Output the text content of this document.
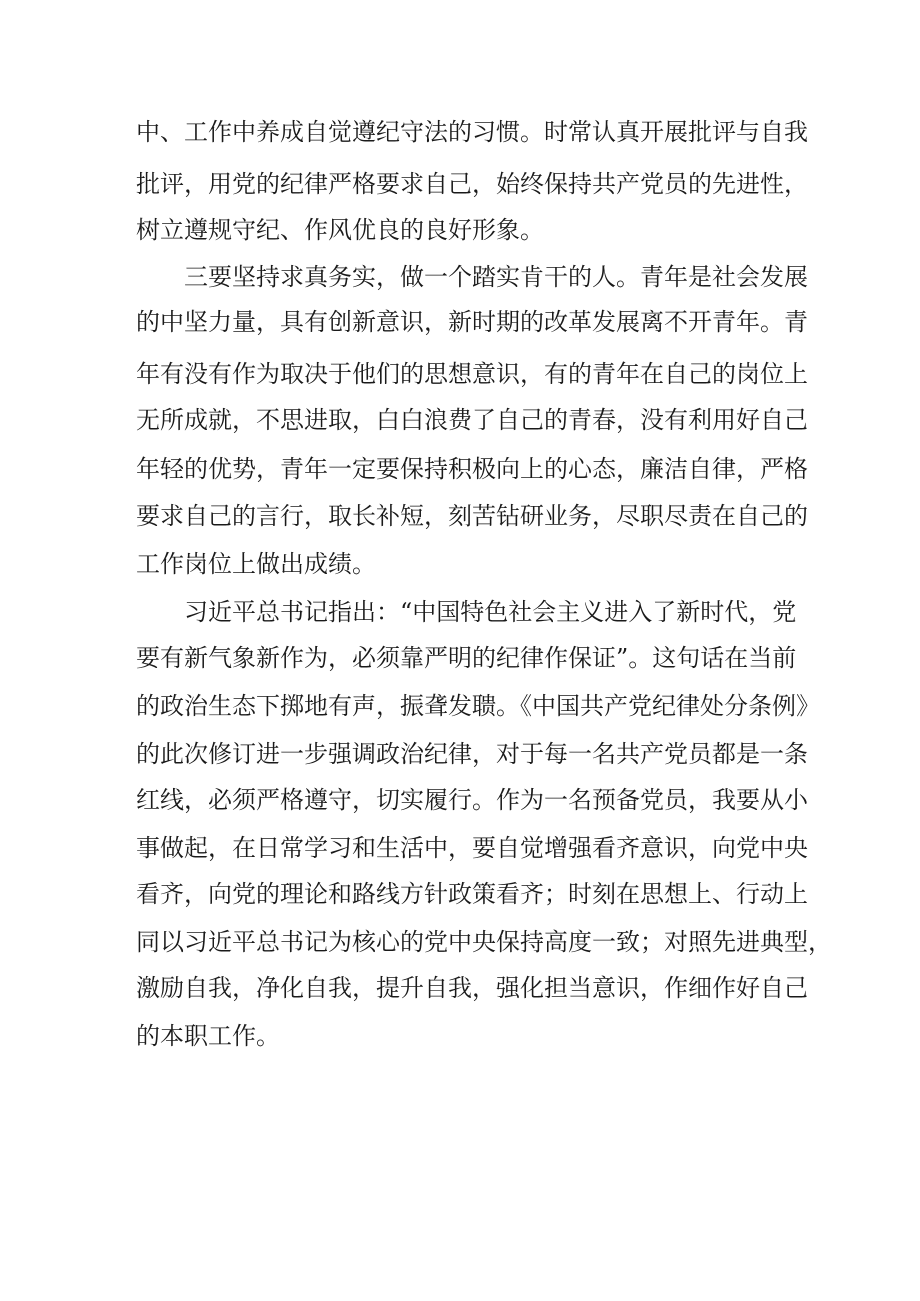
中、工作中养成自觉遵纪守法的习惯。时常认真开展批评与自我
批评，用党的纪律严格要求自己，始终保持共产党员的先进性，
树立遵规守纪、作风优良的良好形象。
三要坚持求真务实，做一个踏实肯干的人。青年是社会发展
的中坚力量，具有创新意识，新时期的改革发展离不开青年。青
年有没有作为取决于他们的思想意识，有的青年在自己的岗位上
无所成就，不思进取，白白浪费了自己的青春，没有利用好自己
年轻的优势，青年一定要保持积极向上的心态，廉洁自律，严格
要求自己的言行，取长补短，刻苦钻研业务，尽职尽责在自己的
工作岗位上做出成绩。
习近平总书记指出：“中国特色社会主义进入了新时代，党
要有新气象新作为，必须靠严明的纪律作保证”。这句话在当前
的政治生态下掷地有声，振聋发聩。《中国共产党纪律处分条例》
的此次修订进一步强调政治纪律，对于每一名共产党员都是一条
红线，必须严格遵守，切实履行。作为一名预备党员，我要从小
事做起，在日常学习和生活中，要自觉增强看齐意识，向党中央
看齐，向党的理论和路线方针政策看齐；时刻在思想上、行动上
同以习近平总书记为核心的党中央保持高度一致；对照先进典型，
激励自我，净化自我，提升自我，强化担当意识，作细作好自己
的本职工作。
